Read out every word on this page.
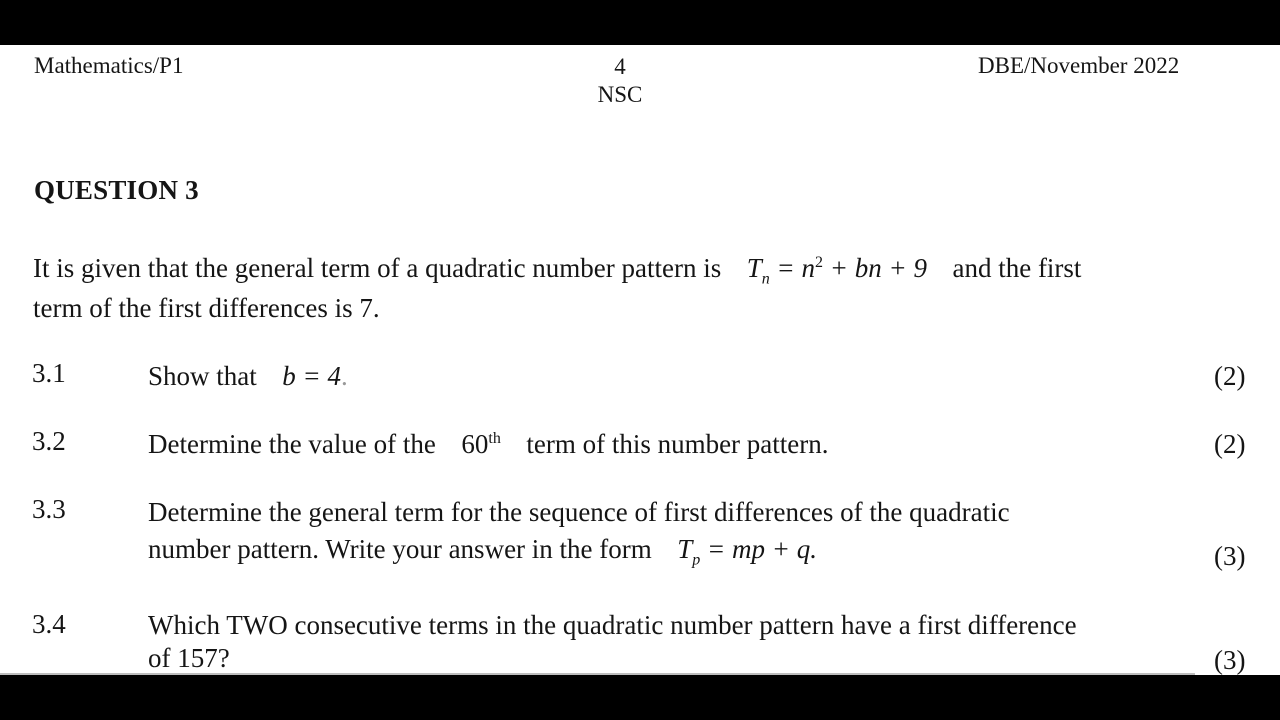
Mathematics/P1	4
NSC
DBE/November 2022
QUESTION 3
It is given that the general term of a quadratic number pattern is $T_n = n^2$ + bn + 9 and the first
term of the first differences is 7.
3.1	Show that b = 4.	(2)
3.2	Determine the value of the 60th term of this number pattern.	(2)
3.3	Determine the general term for the sequence of first differences of the quadratic
number pattern. Write your answer in the form $T_p$ = mp + q.	(3)
3.4	Which TWO consecutive terms in the quadratic number pattern have a first difference
of 157?	(3)
